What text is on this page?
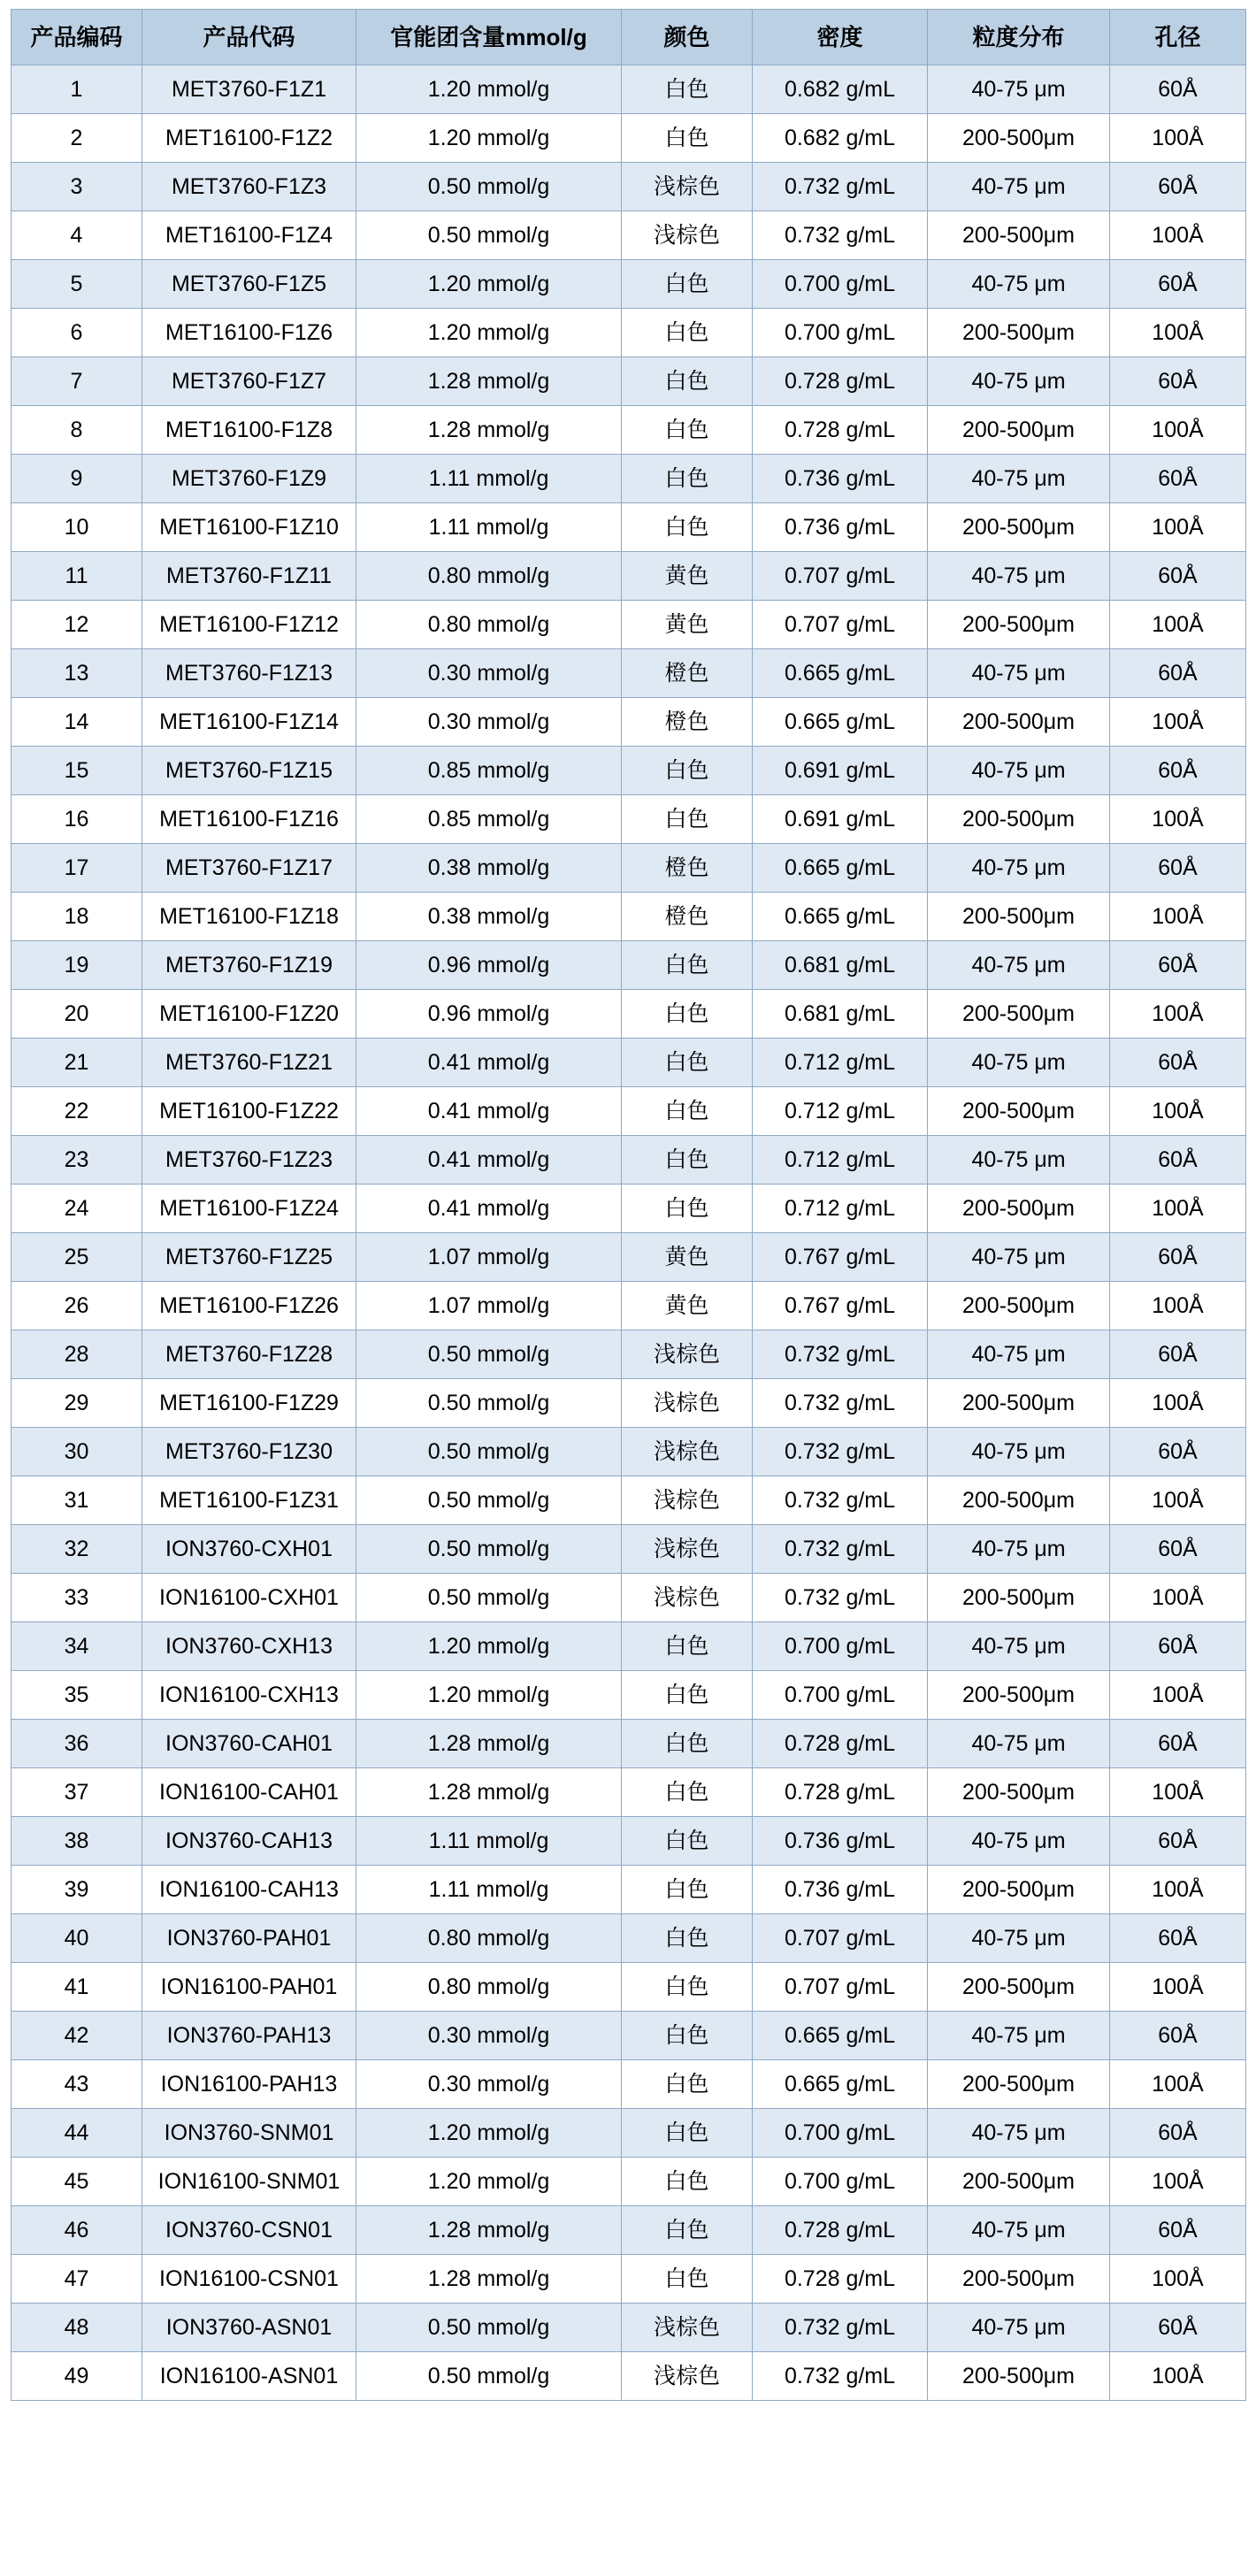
产品编码	产品代码	官能团含量mmol/g	颜色	密度	粒度分布	孔径
1	MET3760-F1Z1	1.20 mmol/g	白色	0.682 g/mL	40-75 μm	60Å
2	MET16100-F1Z2	1.20 mmol/g	白色	0.682 g/mL	200-500μm	100Å
3	MET3760-F1Z3	0.50 mmol/g	浅棕色	0.732 g/mL	40-75 μm	60Å
4	MET16100-F1Z4	0.50 mmol/g	浅棕色	0.732 g/mL	200-500μm	100Å
5	MET3760-F1Z5	1.20 mmol/g	白色	0.700 g/mL	40-75 μm	60Å
6	MET16100-F1Z6	1.20 mmol/g	白色	0.700 g/mL	200-500μm	100Å
7	MET3760-F1Z7	1.28 mmol/g	白色	0.728 g/mL	40-75 μm	60Å
8	MET16100-F1Z8	1.28 mmol/g	白色	0.728 g/mL	200-500μm	100Å
9	MET3760-F1Z9	1.11 mmol/g	白色	0.736 g/mL	40-75 μm	60Å
10	MET16100-F1Z10	1.11 mmol/g	白色	0.736 g/mL	200-500μm	100Å
11	MET3760-F1Z11	0.80 mmol/g	黄色	0.707 g/mL	40-75 μm	60Å
12	MET16100-F1Z12	0.80 mmol/g	黄色	0.707 g/mL	200-500μm	100Å
13	MET3760-F1Z13	0.30 mmol/g	橙色	0.665 g/mL	40-75 μm	60Å
14	MET16100-F1Z14	0.30 mmol/g	橙色	0.665 g/mL	200-500μm	100Å
15	MET3760-F1Z15	0.85 mmol/g	白色	0.691 g/mL	40-75 μm	60Å
16	MET16100-F1Z16	0.85 mmol/g	白色	0.691 g/mL	200-500μm	100Å
17	MET3760-F1Z17	0.38 mmol/g	橙色	0.665 g/mL	40-75 μm	60Å
18	MET16100-F1Z18	0.38 mmol/g	橙色	0.665 g/mL	200-500μm	100Å
19	MET3760-F1Z19	0.96 mmol/g	白色	0.681 g/mL	40-75 μm	60Å
20	MET16100-F1Z20	0.96 mmol/g	白色	0.681 g/mL	200-500μm	100Å
21	MET3760-F1Z21	0.41 mmol/g	白色	0.712 g/mL	40-75 μm	60Å
22	MET16100-F1Z22	0.41 mmol/g	白色	0.712 g/mL	200-500μm	100Å
23	MET3760-F1Z23	0.41 mmol/g	白色	0.712 g/mL	40-75 μm	60Å
24	MET16100-F1Z24	0.41 mmol/g	白色	0.712 g/mL	200-500μm	100Å
25	MET3760-F1Z25	1.07 mmol/g	黄色	0.767 g/mL	40-75 μm	60Å
26	MET16100-F1Z26	1.07 mmol/g	黄色	0.767 g/mL	200-500μm	100Å
28	MET3760-F1Z28	0.50 mmol/g	浅棕色	0.732 g/mL	40-75 μm	60Å
29	MET16100-F1Z29	0.50 mmol/g	浅棕色	0.732 g/mL	200-500μm	100Å
30	MET3760-F1Z30	0.50 mmol/g	浅棕色	0.732 g/mL	40-75 μm	60Å
31	MET16100-F1Z31	0.50 mmol/g	浅棕色	0.732 g/mL	200-500μm	100Å
32	ION3760-CXH01	0.50 mmol/g	浅棕色	0.732 g/mL	40-75 μm	60Å
33	ION16100-CXH01	0.50 mmol/g	浅棕色	0.732 g/mL	200-500μm	100Å
34	ION3760-CXH13	1.20 mmol/g	白色	0.700 g/mL	40-75 μm	60Å
35	ION16100-CXH13	1.20 mmol/g	白色	0.700 g/mL	200-500μm	100Å
36	ION3760-CAH01	1.28 mmol/g	白色	0.728 g/mL	40-75 μm	60Å
37	ION16100-CAH01	1.28 mmol/g	白色	0.728 g/mL	200-500μm	100Å
38	ION3760-CAH13	1.11 mmol/g	白色	0.736 g/mL	40-75 μm	60Å
39	ION16100-CAH13	1.11 mmol/g	白色	0.736 g/mL	200-500μm	100Å
40	ION3760-PAH01	0.80 mmol/g	白色	0.707 g/mL	40-75 μm	60Å
41	ION16100-PAH01	0.80 mmol/g	白色	0.707 g/mL	200-500μm	100Å
42	ION3760-PAH13	0.30 mmol/g	白色	0.665 g/mL	40-75 μm	60Å
43	ION16100-PAH13	0.30 mmol/g	白色	0.665 g/mL	200-500μm	100Å
44	ION3760-SNM01	1.20 mmol/g	白色	0.700 g/mL	40-75 μm	60Å
45	ION16100-SNM01	1.20 mmol/g	白色	0.700 g/mL	200-500μm	100Å
46	ION3760-CSN01	1.28 mmol/g	白色	0.728 g/mL	40-75 μm	60Å
47	ION16100-CSN01	1.28 mmol/g	白色	0.728 g/mL	200-500μm	100Å
48	ION3760-ASN01	0.50 mmol/g	浅棕色	0.732 g/mL	40-75 μm	60Å
49	ION16100-ASN01	0.50 mmol/g	浅棕色	0.732 g/mL	200-500μm	100Å
